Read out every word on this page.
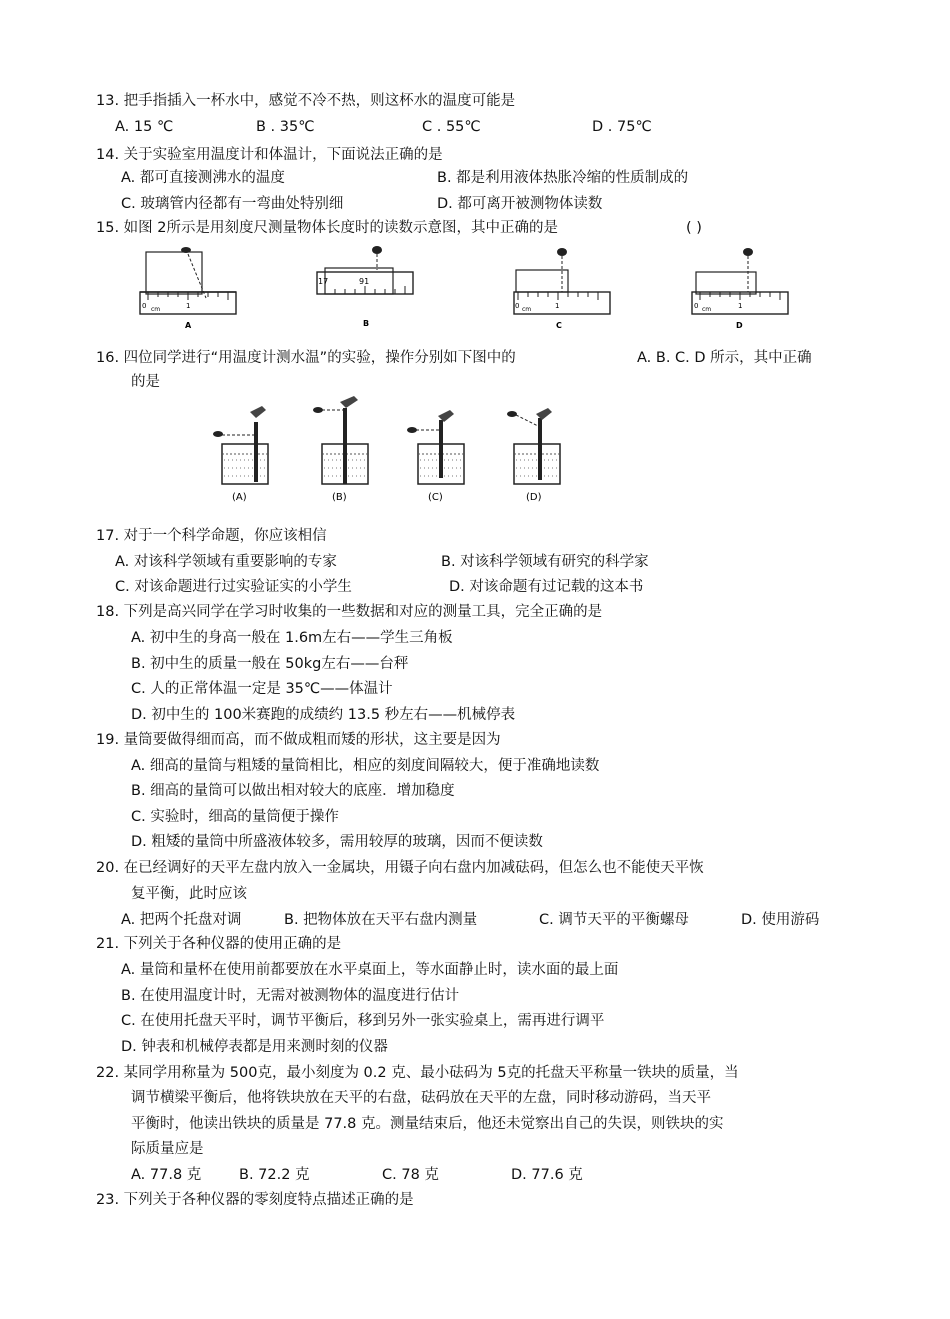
13. 把手指插入一杯水中，感觉不冷不热，则这杯水的温度可能是
A. 15 ℃	B . 35℃	C . 55℃	D . 75℃
14. 关于实验室用温度计和体温计，下面说法正确的是
A. 都可直接测沸水的温度	B. 都是利用液体热胀冷缩的性质制成的
C. 玻璃管内径都有一弯曲处特别细	D. 都可离开被测物体读数
15. 如图 2所示是用刻度尺测量物体长度时的读数示意图，其中正确的是	( )
0 cm	1
A
17	91
B
0 cm	1
C
0 cm	1
D
16. 四位同学进行“用温度计测水温”的实验，操作分别如下图中的	A. B. C. D 所示，其中正确
的是
(A)	(B)	(C)	(D)
17. 对于一个科学命题，你应该相信
A. 对该科学领域有重要影响的专家	B. 对该科学领域有研究的科学家
C. 对该命题进行过实验证实的小学生	D. 对该命题有过记载的这本书
18. 下列是高兴同学在学习时收集的一些数据和对应的测量工具，完全正确的是
A. 初中生的身高一般在 1.6m左右——学生三角板
B. 初中生的质量一般在 50kg左右——台秤
C. 人的正常体温一定是 35℃——体温计
D. 初中生的 100米赛跑的成绩约 13.5 秒左右——机械停表
19. 量筒要做得细而高，而不做成粗而矮的形状，这主要是因为
A. 细高的量筒与粗矮的量筒相比，相应的刻度间隔较大，便于准确地读数
B. 细高的量筒可以做出相对较大的底座．增加稳度
C. 实验时，细高的量筒便于操作
D. 粗矮的量筒中所盛液体较多，需用较厚的玻璃，因而不便读数
20. 在已经调好的天平左盘内放入一金属块，用镊子向右盘内加减砝码，但怎么也不能使天平恢
复平衡，此时应该
A. 把两个托盘对调	B. 把物体放在天平右盘内测量	C. 调节天平的平衡螺母	D. 使用游码
21. 下列关于各种仪器的使用正确的是
A. 量筒和量杯在使用前都要放在水平桌面上，等水面静止时，读水面的最上面
B. 在使用温度计时，无需对被测物体的温度进行估计
C. 在使用托盘天平时，调节平衡后，移到另外一张实验桌上，需再进行调平
D. 钟表和机械停表都是用来测时刻的仪器
22. 某同学用称量为 500克，最小刻度为 0.2 克、最小砝码为 5克的托盘天平称量一铁块的质量，当
调节横梁平衡后，他将铁块放在天平的右盘，砝码放在天平的左盘，同时移动游码，当天平
平衡时，他读出铁块的质量是 77.8 克。测量结束后，他还未觉察出自己的失误，则铁块的实
际质量应是
A. 77.8 克	B. 72.2 克	C. 78 克	D. 77.6 克
23. 下列关于各种仪器的零刻度特点描述正确的是
